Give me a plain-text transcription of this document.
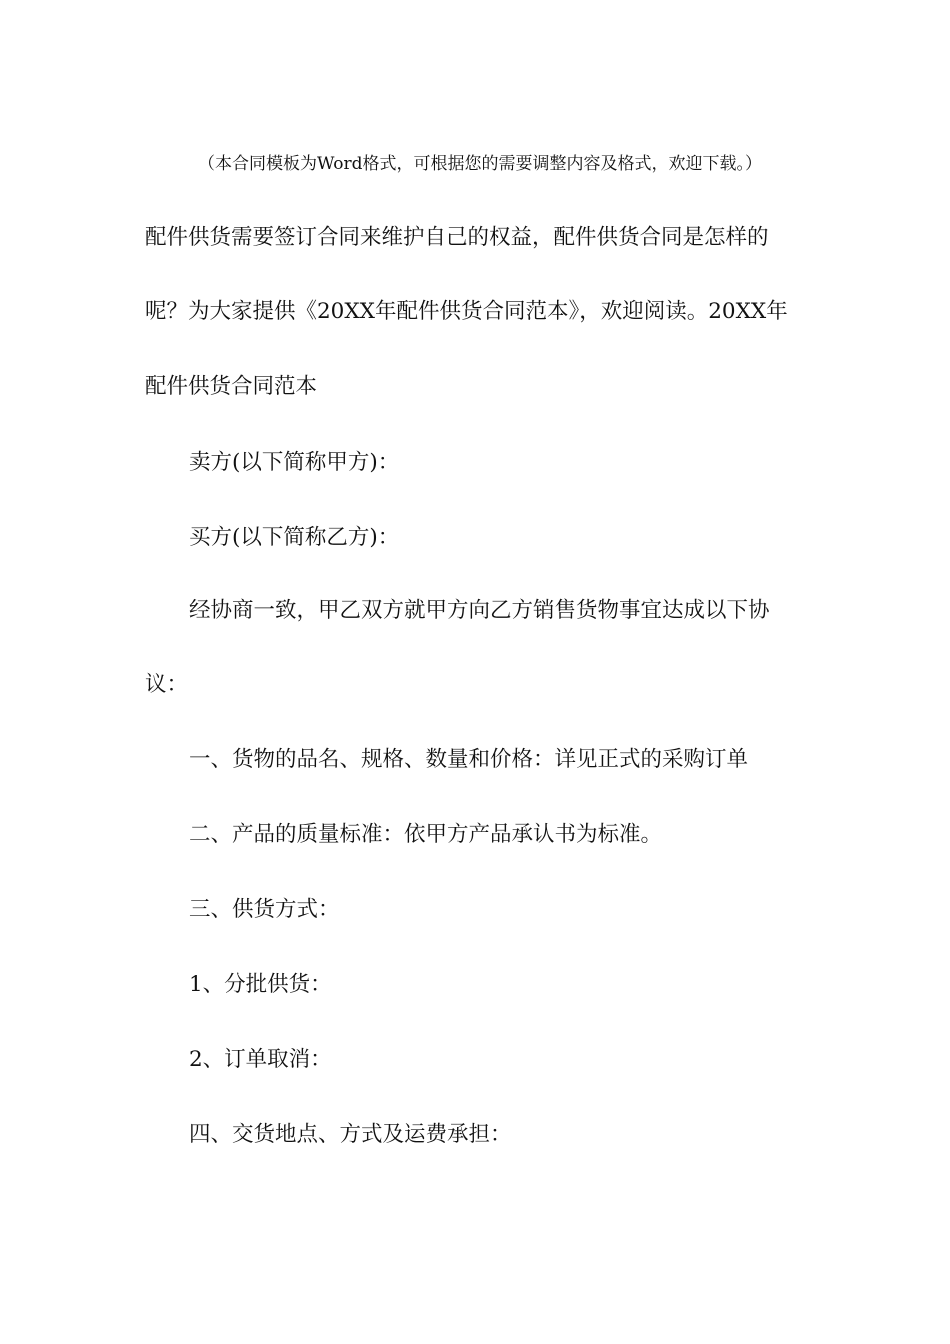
（本合同模板为Word格式，可根据您的需要调整内容及格式，欢迎下载。）
配件供货需要签订合同来维护自己的权益，配件供货合同是怎样的
呢？为大家提供《20XX年配件供货合同范本》，欢迎阅读。20XX年
配件供货合同范本
卖方(以下简称甲方)：
买方(以下简称乙方)：
经协商一致，甲乙双方就甲方向乙方销售货物事宜达成以下协
议：
一、货物的品名、规格、数量和价格：详见正式的采购订单
二、产品的质量标准：依甲方产品承认书为标准。
三、供货方式：
1、分批供货：
2、订单取消：
四、交货地点、方式及运费承担：
